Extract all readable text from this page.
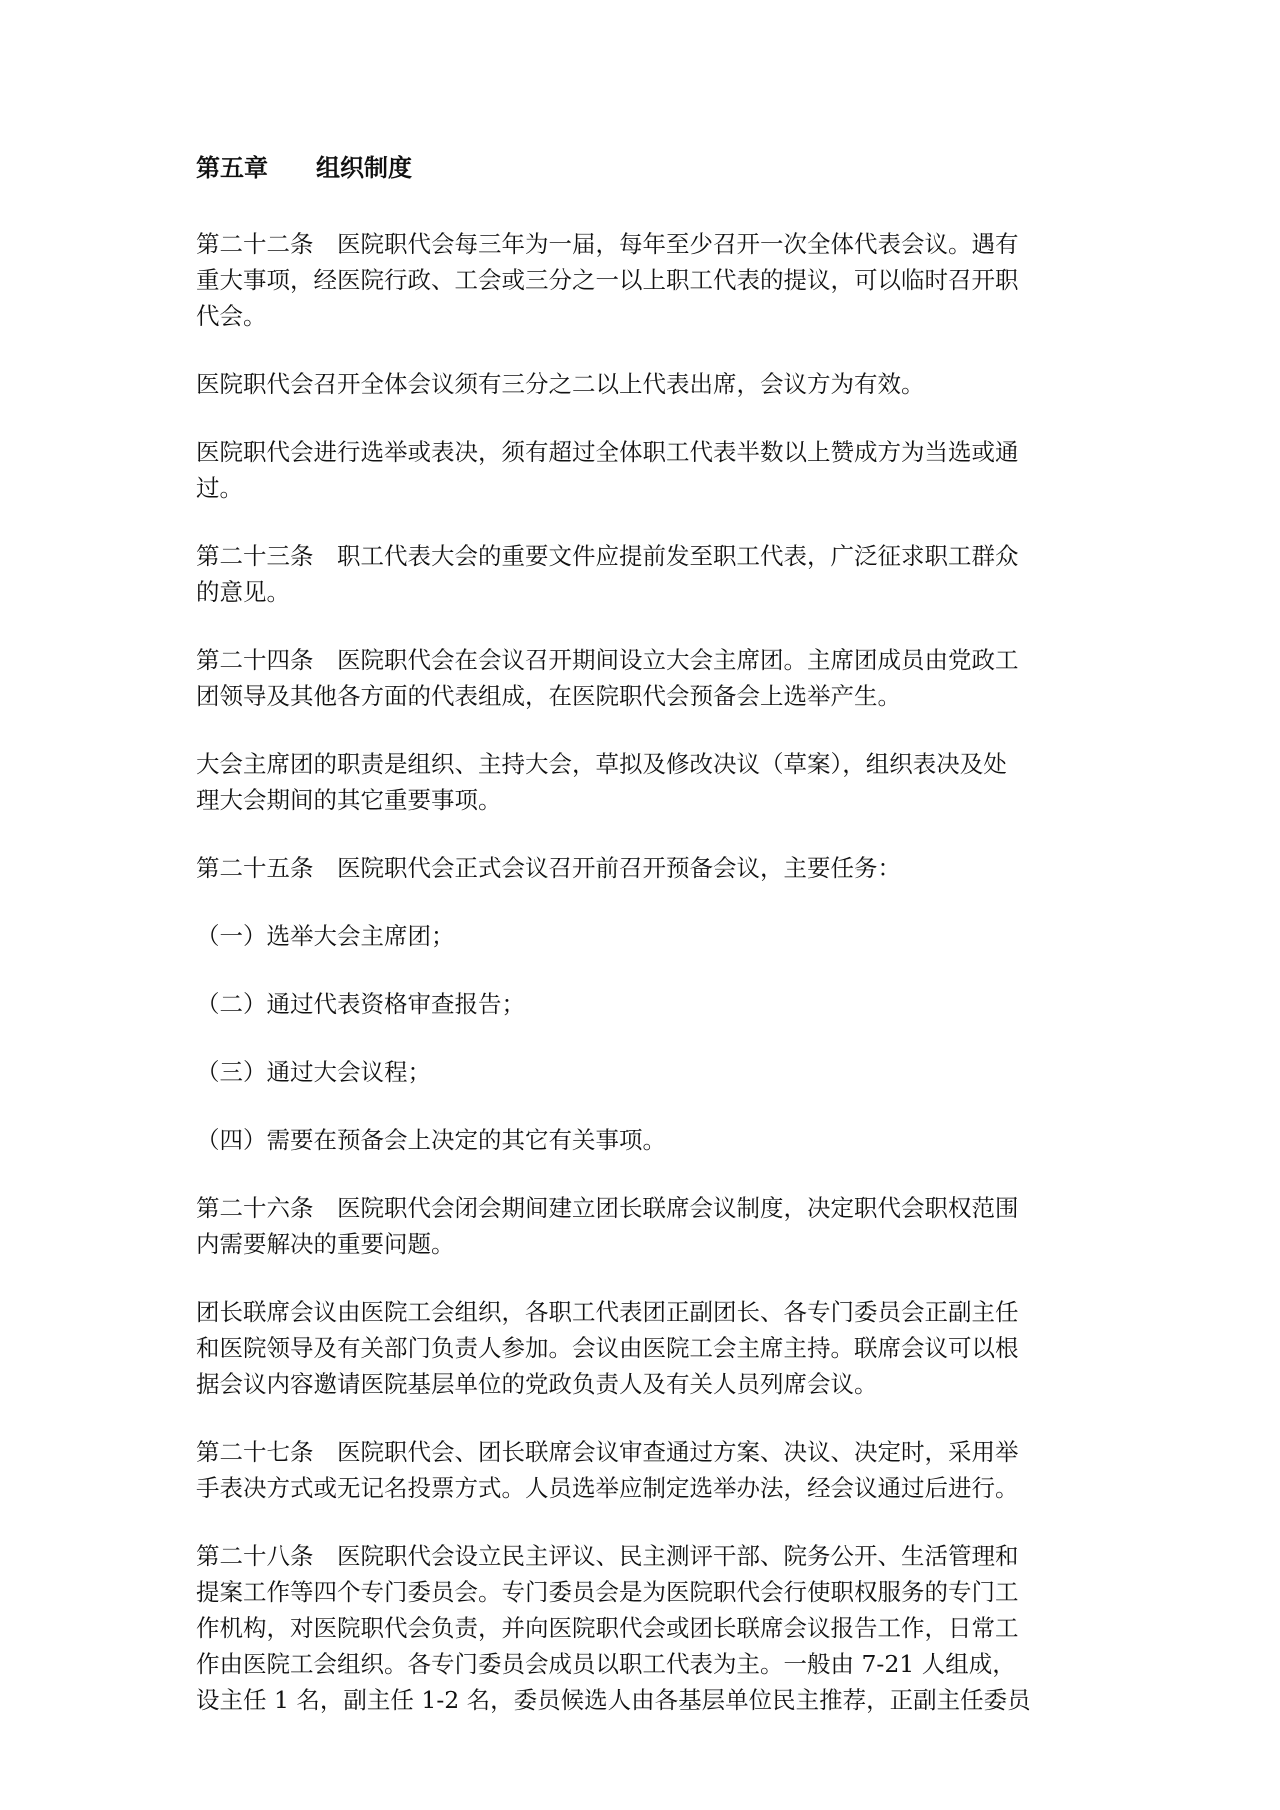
第五章　　组织制度
第二十二条　医院职代会每三年为一届，每年至少召开一次全体代表会议。遇有
重大事项，经医院行政、工会或三分之一以上职工代表的提议，可以临时召开职
代会。
医院职代会召开全体会议须有三分之二以上代表出席，会议方为有效。
医院职代会进行选举或表决，须有超过全体职工代表半数以上赞成方为当选或通
过。
第二十三条　职工代表大会的重要文件应提前发至职工代表，广泛征求职工群众
的意见。
第二十四条　医院职代会在会议召开期间设立大会主席团。主席团成员由党政工
团领导及其他各方面的代表组成，在医院职代会预备会上选举产生。
大会主席团的职责是组织、主持大会，草拟及修改决议（草案），组织表决及处
理大会期间的其它重要事项。
第二十五条　医院职代会正式会议召开前召开预备会议，主要任务：
（一）选举大会主席团；
（二）通过代表资格审查报告；
（三）通过大会议程；
（四）需要在预备会上决定的其它有关事项。
第二十六条　医院职代会闭会期间建立团长联席会议制度，决定职代会职权范围
内需要解决的重要问题。
团长联席会议由医院工会组织，各职工代表团正副团长、各专门委员会正副主任
和医院领导及有关部门负责人参加。会议由医院工会主席主持。联席会议可以根
据会议内容邀请医院基层单位的党政负责人及有关人员列席会议。
第二十七条　医院职代会、团长联席会议审查通过方案、决议、决定时，采用举
手表决方式或无记名投票方式。人员选举应制定选举办法，经会议通过后进行。
第二十八条　医院职代会设立民主评议、民主测评干部、院务公开、生活管理和
提案工作等四个专门委员会。专门委员会是为医院职代会行使职权服务的专门工
作机构，对医院职代会负责，并向医院职代会或团长联席会议报告工作，日常工
作由医院工会组织。各专门委员会成员以职工代表为主。一般由 7-21 人组成，
设主任 1 名，副主任 1-2 名，委员候选人由各基层单位民主推荐，正副主任委员
